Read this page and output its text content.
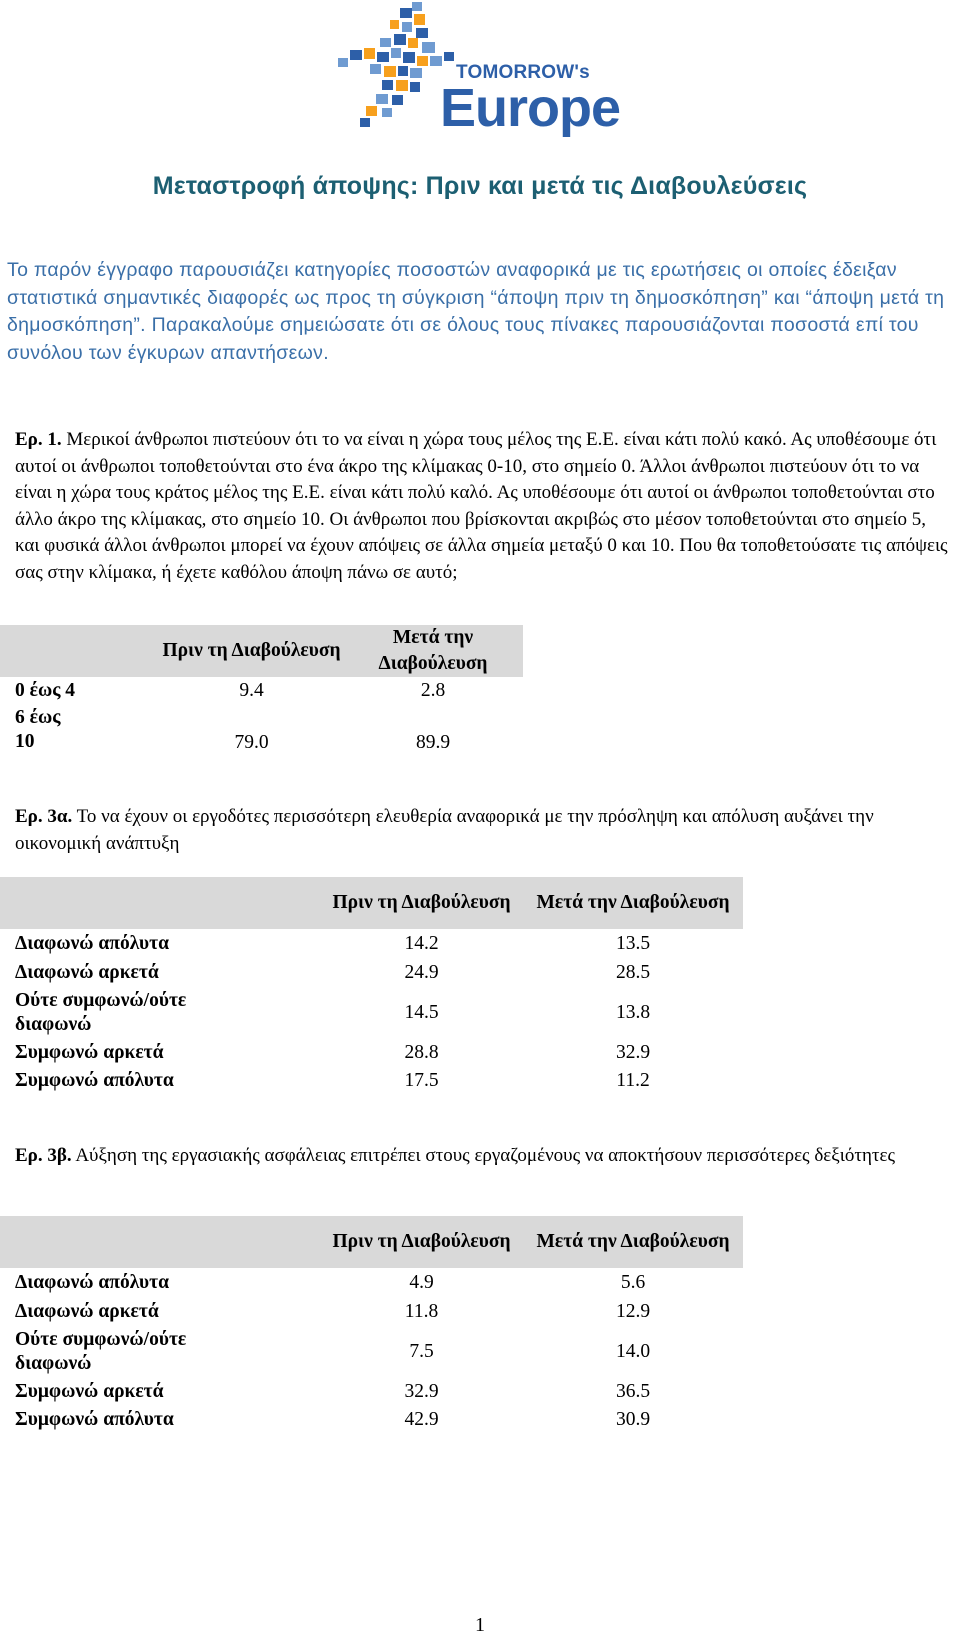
TOMORROW's
Europe
Μεταστροφή άποψης: Πριν και μετά τις Διαβουλεύσεις
Το παρόν έγγραφο παρουσιάζει κατηγορίες ποσοστών αναφορικά με τις ερωτήσεις οι οποίες έδειξαν στατιστικά σημαντικές διαφορές ως προς τη σύγκριση “άποψη πριν τη δημοσκόπηση” και “άποψη μετά τη δημοσκόπηση”. Παρακαλούμε σημειώσατε ότι σε όλους τους πίνακες παρουσιάζονται ποσοστά επί του συνόλου των έγκυρων απαντήσεων.
Ερ. 1. Μερικοί άνθρωποι πιστεύουν ότι το να είναι η χώρα τους μέλος της Ε.Ε. είναι κάτι πολύ κακό. Ας υποθέσουμε ότι αυτοί οι άνθρωποι τοποθετούνται στο ένα άκρο της κλίμακας 0-10, στο σημείο 0. Άλλοι άνθρωποι πιστεύουν ότι το να είναι η χώρα τους κράτος μέλος της Ε.Ε. είναι κάτι πολύ καλό. Ας υποθέσουμε ότι αυτοί οι άνθρωποι τοποθετούνται στο άλλο άκρο της κλίμακας, στο σημείο 10. Οι άνθρωποι που βρίσκονται ακριβώς στο μέσον τοποθετούνται στο σημείο 5, και φυσικά άλλοι άνθρωποι μπορεί να έχουν απόψεις σε άλλα σημεία μεταξύ 0 και 10. Που θα τοποθετούσατε τις απόψεις σας στην κλίμακα, ή έχετε καθόλου άποψη πάνω σε αυτό;
	Πριν τη Διαβούλευση	Μετά την Διαβούλευση
0 έως 4	9.4	2.8
6 έως 10	79.0	89.9
Ερ. 3α. Το να έχουν οι εργοδότες περισσότερη ελευθερία αναφορικά με την πρόσληψη και απόλυση αυξάνει την οικονομική ανάπτυξη
	Πριν τη Διαβούλευση	Μετά την Διαβούλευση
Διαφωνώ απόλυτα	14.2	13.5
Διαφωνώ αρκετά	24.9	28.5
Ούτε συμφωνώ/ούτε διαφωνώ	14.5	13.8
Συμφωνώ αρκετά	28.8	32.9
Συμφωνώ απόλυτα	17.5	11.2
Ερ. 3β. Αύξηση της εργασιακής ασφάλειας επιτρέπει στους εργαζομένους να αποκτήσουν περισσότερες δεξιότητες
	Πριν τη Διαβούλευση	Μετά την Διαβούλευση
Διαφωνώ απόλυτα	4.9	5.6
Διαφωνώ αρκετά	11.8	12.9
Ούτε συμφωνώ/ούτε διαφωνώ	7.5	14.0
Συμφωνώ αρκετά	32.9	36.5
Συμφωνώ απόλυτα	42.9	30.9
1
